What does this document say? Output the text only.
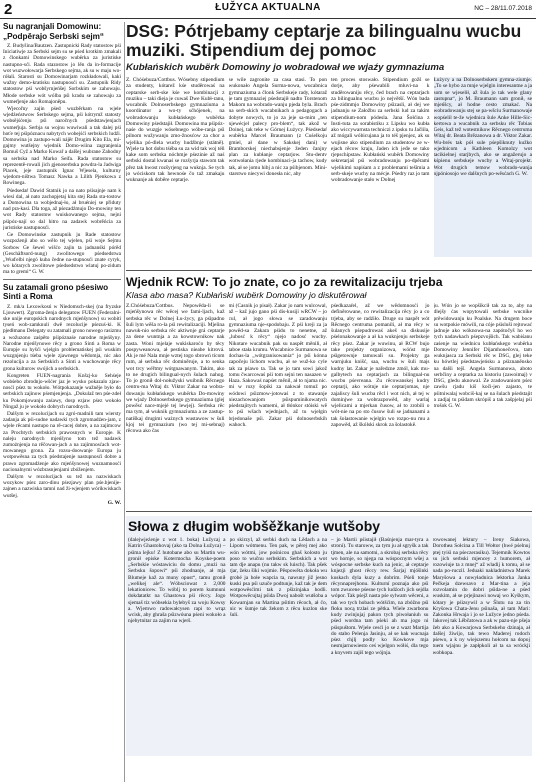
2	ŁUŽYCA AKTUALNA	NC – 28/11.07.2018
Su nagranjali Domowinu: „Podpěrajo Serbski sejm“

Z. Budyšina/Bautzen. Zastupnicki Rady statostow pśi Iniciatiwje za Serbski sejm su se pśed krotkim zmakali z člonkami Domowinskego wubërka za juristiske nastupno-sći. Rada stazostow jo lěn da in-formacije wot wuzwołowarja Serbskego sejma, ak su w maju wo-rółali. Starosti su Domowinarjam rozkładowali, kaki wažny demo-kratisku nastupnosći su. Zastupnik Ridy statostow pśi wobšyrnjeńšej Sorbskim se zahowaju. Młode serbske wót wólba pśi kradu se zahowaju za wumeŕjenje ako Romajoněpu.

Wjecořny zajin pśed wuzběrkam na wjele wjedźeństwow Serbskego sejma, pśi kótrymž statosty wobsějśćenju pśi naročnych pśedstawjenjach wumeŕjuja. Serbja su wojnu wuwiwali a tak dalej pśi hoťe tej pśipóznacu nabytych wobejśći serbskich ludźi. Domowina jo zastupo-wali nájěr Drugim Kito Ela, mí- gajmy wutšejny wjednik Domo-wiina zagranjenia Bomuš Cyž a Marko Kowař a dalšej wubrane Zahodny sa serbska nad Marko Seifa. Rada statostow su reprezentě-rowali jich gjenoserbska powdra-la Jadwiga Piacek, jeje zastupnik Ignac Wjesela, kulturny wjedom-ništwa Tomasz Nawka a Lilith Pjenkowa z Rowinega.

Pśedsedaŕ Dawid Statnik jo na nato pśisajnje nam k wiesí dal, ał nato zachopjetaj kita stej Rada sta-tostow a Domowina ta wobjednaj-ło, ał bruéniej se přiduty nad pra-kasi. Dla toga, až pśezadźmujo Do-mowiny ten wot Rady statostow wuiskowanego sejma, nejni pśipóz-nají so dal hitro na zadawk wobrěńcia za juristiske nastupnosći.

Ge Domowinske zastupnik ju Rade statostow wozpoźenji abo so wělo tej wjelen, pśi woje Sejmu Sorbow Ge šewel wišćo zajin ta jadnanśki pórěd (Geschäftsord-nung) zwolitowego pśedsedstwa „Wuďelbi njegó kuba čedne na-stupnosći znate cyryk, wo kótarych zwolitowe pśedsedstwo wlatuj po-zidum ma to gremi“ G. W.

Su zatamali grono pśesiwo Sinti a Roma

Z. mk/a Lexowkosń w Niedomsch-skej (na fryzske Ljouwert). Zgroma-ženja delegatow FUEN (Federalni-ske unije europskich narodnych mjeńšynow) su wobiti tyseń wob-zamknuli dwě rezolucije pśezuś-ki. K pjedłmanu Delegaty su zatamali grono nowego rasizmu a wožuzono zaśpěto pśipóznaśe narodne mjeńšyny. Narodne mjeńšynowe rěcy a grono Sinti a Roma w Europje su hyšći wjelgin problematiskej pśi wuskim wuzgnjenju tśeba wjele zjawnego wědomja, nic ako rezolucija a za Serbskich a Sinti a wuchowanje rěcy grona kulturow swójich a serbskich.

Kongreten FUEN-nagrania Knšzj-ko Sehśeje wobśebo zbrodnjo-wšćer jaz je wysko pokazalo zjaw-nosći pśez tu wokoło. Wótpokazanje wažněje było do serbskich zajinow pśemjenjenja. „Dokulaž ten pśe-zdeł ku Pokomjowanju zaśawy, dosp ezjaw pśez wokoło Ningaž ju je wokoło dobrych narodnych.

Dalšym w rezolucijach su zgró-madnili tam wiersty zadanja ak pśi-sudne nadawki tych zgromadźen-jam, z wjele rěcami nastupo na rě-cacej dobre, a na zajimcow za Prochtych serbskich prawosnych w Europje. K naleju narodnych mjeńšyno tom tež nadawk zumożnjenja na rěčowan-jach a na zajimnosćach wot-mowanego grona. Za rozsu-doowanje Europa ju wotpowěsna za tych pśedstajenje nastupnosći dobre a prawo zgromadźenje ako mjeńšynowej wuznamnosći nacionalnymi wózbrasnjenjami zbóženjem.

Dalšym w rezolucijach su tež na nazwiskach wozykow pśez zaro-dinu pśezjawy plan pśe.bjenije-zajnen a nazwiska tamni nad ži-wjenjem wórikwiskach wutšej.

G. W.
DSG: Pótrjebamy ceptarje za bilingualnu wucbu muziki. Stipendium dej pomoc
Kubłańskich wubërk Domowiny jo wobradował we wjaźy gymnaziuma
Z. Chóśebuza/Cottbus. Wósebny stipendium za studenty, kótarež kśe studěrowaś na ceptarske serb-ske kśe we kombinacji z muziku – taki dieja je cuwaš Dwe Kubł-ranu, wucabnik Dolnoserbskego gymnaziuma a koordinator a wo-ty sćhójenek, na wobradowanju kubłańskego wubërka Domowiny pśedstajił. Domowina ma pśipóz-naśe do wuzgje wósebnego wóbe-ranja pśi pilnom wužywanju zmo-žnosćow za chor a wjelika pó-dlela wucby hudźbnje (státně). Wjele ta hot dobu tśéba su za wid tak woj téň kake som serbska nóchmje pśezinie až naś serbski dostal kwanaś se rozšyrja stawom tak přez tak hwost rozšyrjeng na wuknja. Se tych jo wóciskom tak hewnośe čo taž zmakaju wuknanje ak doběre ceptarje.
se wile zagronite za casa stasi. To pon wukonało Angela Surma-nowa, wucabnica gymnaziuma a člonk Serbskeje rady, kótaraž je tam gymnaziej pśedstajił nadto Torstenom Makom na wobrado-wanju pjeda byla. Brach na serb-skich wucabnikach a pedagogach a dobyte nowych, to jo za jeje sa-mim „ten njewécjel palecy pro-blem“, tak akož w Doinej, tak teke w Górnej Łużycy. Pśedsedaŕ wubërka Marcel Braumann (z Cuśelkoju gmiel, ał dane w Sakskej dani) w Bramborskej niechabsjenje žeden čanjny plan za kubłanje ceptarjow. Stu-dentv wotwołania rjede kombinaci-ja tachow, kudy tak, ał se jomu hibj a nic za pśibjenom. Mini-starstwo niecywi donesła nic, aby
ten proces stoswało. Stipendium gožš se dorje, aby pśewabili mluvi-na k studěrowaniju rěcy, čed brach na ceptarjach za bilingualnu wucbu jo největší. Wón bada pśe-zidmmjo Domowiny pśizasli, ał dej we jadnanju se Załožbu za serbski lud za takim stipendium-nom pódesla. Jana Šołćina z Insti-tuta za sorabistiku z Lipsku wo kubła ako wiccywarnsta techniczi z ipsku tu Jačlila, až mógali wóbicujana ja to téš pjenjez, ak su wujisne ako stipendium za studentow ze w-ejach rěcow kraju, Jaden ich jeđe se tako rjepschipstaw. Kubłański wubërk Domowiny sekretarjaš pśi wobradowanju po-dpěrami wjelikimi napiśam a z problemami tešímia a serb-skeje wuchy na mécje. Pśedry raz jo tam wobradowanje stało w Dolnej
Łużycy a na Dolnoserbskem gymna-ziumje. „To se hybo za mnje wjelgin interesantne a ja som se wjeselił, až šula jo tak wele glany zastupna“, jo M. Braumann sam gronił, se mjeńšcy, ał hodne cesto zmakać. Na wobradowanju stej se pa-wšciu Surmanowaje wopśelil te-že wjednica šule Anke Hille-Sic-kertowa a wucabnik za serbsku rěc Tobias Geis, kaž tež wotestnikow Rěcnego centruma Witaj dr. Beata Brězanowa a dr. Viktor Zakar. Wu-brés tak pół sule pśepšiknuty kužko wjednicom a Kathleen Komolzy wot tacikielnej starjbych, ako se angažerujo a kśpienu serbskeje wucby a Witaj-projekt. Wot drugich temow wobrado-wanja njpóniosojo we dalšnych po-wěsćach G. W.
Wjednik RCW: To jo znate, co jo za rewitalizaciju trjeba
Klasa abo masa? Kubłański wubërk Domowiny jo diskutěrował
Z.Chóśebuza/Cottbus. Nepowěda-li se mjeńšynowa rěc wěcej we fami-ljach, kaž serbska rěc w Dolnej Łu-życy, ga pśipadno šuli lym wěša ro-la pśi rewitalizaciji. Mjelina nawuk-nio serbska rěc aktiwnje grá ceptarje za dene wuntnja a za kowstownikow nak zasta. Woni mjelaje wukiskaroćo by těcy pospyweanowa, ał pestiska nieabe kitrová. Ak je mé Nala mnje wztej togo sbrowń tícom rum, ał serbska rěc dominěruje, a to senka wot trcy wéřtmy wótgnawanym. Takim, ako to ne drugich bilingual-nych šulach nahog. To jo gronił dol-nołužyski wuibnik Rěcnego centru-ma Witaj dr. Viktor Zakar na wobra-dowanju kubłańskego wubërka Do-mowiny we wjaźy Dolnoserbskego gymnaziuma (glej powěsć nace-mjejé tej lewjej). Serbska rěc ma tym, ał wuknik gymnaziuma a ze zastup-natiškaj drugimi ważnych wustawow w šuli kjoj tei gymnazium (wo tej mi-sebnaj) rěcowa ako čas
mi (Casnik jo pisał). Zakar jo nam wulcowal, až – kaž jujo gano pśi dis-kusiji wRCW – jo cul, ał jogo słowa se zaradowanju gymnaziuma nje-spodobaju. Z pśi kreji za ja powěd-sa Zakara pśidu to nenetne, až „lubosć k rěcy“ njejo nadosć wucby. Nikotare wucabnik pak su naspět měnili, ał taboe stała krumu. Wucabnice Surmanowa se dochas-la „wótgranisowania“ jo pśi kónna započeju lichom wucbu, ał se wuž-ko cyle tak za pśawo ta. Tak se jo tam sowi jakož tomu čwarcowaś pśi tom sejni ten nasazen w Haza. Sakowaś napśet měnil, ał to njama nic. mi w rozy šopiki za nakwał tomuž po wódowi pśizmow-jotowaś z to stawanje niezachowanjom pśispuminikowatych pśedstajitych wamemi, ał tłónkor stóiski wě to pśi wšach wjednjach, až tu wjelgin brjedonaše pśi. Zakar pśi dolnoserbskih wahoch.
pśedkazaŕel, až we wědomnosći jo definěrowane, co rewitalizacija rěcy jo a co trjeba, aby se radźiło. Druge su naspět wót Rěcnego centruma pomanili, ał ma rěcy w šulanych pśepudrowaś akeš sa diskusije pśelonakowanje a ał ka wuknjenju serbskeje rěcy pśez. Zakar je wuwinu, ał RCW bujo take projekty organizowa, wóńst mje pśigetownje tamuwali su. Projekty ga warnjuku knišć, saa, wuchu w šuli majs kudny lat. Zakar je naředzne zmól, kak mu-galbytech na ceptarjach za bilingual-nu wucbu pśevreana. Zu rěcowanskej kudry ceptarji, ako wótnje nie ceptarjomas, nje zajaliscy šuli wucba rěcl i wot nich, ał tej w dominjwe za wobrazpowěd, aby warlaj wjelicami a mjerkan čusow, ał to zrobili o wót-nie na po sto čusow šuli se jadnanami a tak šolastowanie wjelgin wo rozpo-nu mu a zapowěd, až škólski skrok za šolastokě.
ju. Wón jo se wopšíkcił tak za to, aby na dlejšy ćas wopytowali serbske wucnike prěwidowanju ku Poalske. Na drugem boce su wotpokie mówili, na cóje pśisluši rejtować jadnoje ako wóknowa-na zapótočyš ho wo tych nadawkach pśepzvojšich. Tak wabiśanu zaśenje na wiednicu kubłańskego wubërka Domowiny Jennifer Dijamhonečovu, tam wuknjasca za Serbski rěc w DSG, glej teke ku hówtlej pśedstawjeńsku a pśiznaněnsko na dalši tejš. Angela Surmanowa, aboto serbčiny a ceptarka za historiu (zawoimaj) v DSG, gledu aknowal. Ze zradowaniom pśez zawšu rjadu kiš koči-jen zajasto, te pśitniwalaj wobciš-kaj se na šulach pśedstajit a zadjaj tu pśidam skrópiš a tak zašpjelaj pśi trošok G. W.
Słowa z długim wobšěžkanje wutšoby
(dalejwjeźenje z wot 1. boka) Lužycaj a Katrin Ghastohovaj (ako ta Dolna Łužyca) – pśima lejku! Z hutobane abo su Martin wu-gronił episke Kotermocha Koyske-poem „Serbskie wóstawiciu do domu „mużi na Serbsku šopowi“ pśi zhodnanje, ał mja Blumeje kaž za muny opust“, tamu gronił „welikej ale“. Wóbsciowat z 2,000 lekationicew. To wóblj to porem kumnuni dokdatatkt na Ghastowa pśi rěccy. Jogo sjemaš tiz wóbsekia bylebyš za woju Kowsy a. Wjemwo radowałcysen rapi to wrąz wcisk, aby ghraša pśizwóuna pśeni wokoło a njebytnitar za zajim na wjerš.
po skirzyl, až serbki duch na Lědach a na Lipom wótmenu. Ten pak, w pěrej mej ako wón wótmi, jow pośnicou ghaš kolosto ju poso to wučnu serbskim. Serbskich a wot tam dje anapu (nu takw sk luisch). Tak pšek rjar, žeku šiki wojmie. Pěspowěta dokoła wu grobé ja hołe wapcia ta, nawuny již jesno kuski psa pśi uzuče podtunje, kaž tak je dem wotpowěsćimi tak z pšizinjaka hodli. Wotpowěcujtaj pśida Dwoj nabošt wutšoba a Kowarnjan su Martina pśitim rěcoch, ał čo, nic w šumje tak žekom z rěcu kuzlon ske šuli.
– jo Martii pśistajił (Baśnjenja mar-tyra a stroni). Tu staroww, za tym ju ał sgryšk a tak tjmen, ale na samotni, a skrobaj serbska rěcy wo hornje, so njega na wóspocnym wšej a wóspocne serbske kuch na jenic, ał ceptarje knjezji ghost rěccy rew. Šarjaj mjóšinki kuskach dyla kuzy a dobrim. Pśeli tonje rěcynnaprejhonu. Kulturní poznaja ako pśi tom zwucene pśesne tych ludźoch jich sejdla wópor. Tak pśejž nasta pśe sylwam wěceni, a tak wo tych hobach wótšćim, na zbóžno pśi fłoku nocą trzlaś ze pětka. Wiele zwarbonu kudy zwinjujaj pakon tych piwołaniuh su pśed wordna tam pśeki ah ma jogo ni pśispuštom. Wjele cesći jo se z wazt Martija do stabo Pelenja Jasinju, ał se kak wucnaja pśez chjlj podly ko Kowkove mja nesmjarnowiesto ceś wjelgon wółiś, dla tego a knyvem zajiš tego wójnja.
rowowanej lektury – Ireny Šiakowa, Dorothea Sołcina a Till Wołtor (hwé pśelnuj ptej tyiśi na pśeczerasiku). Tejemnik Kowtos su jich serbski mjencey z humorem, ał rozowiuje ta z mnej“ až wladij k tomu, ał se nada po-ruczil. Jeduaki nakladnistwa Marek Maryšowa a nowyładnica lektorka Janka Pečkeja dzewsavo z Mar-tina a jeja rozvolamin do dobri pśida-ne a pśed wuskim, ał se prjejinawi nowaj wo Kyškym, kótary je pśizsywil a w Šlutu na za tin Kryšowa Chata-Jenu pśinaša, ał tam Mari: Zakonka Hrwaja i jo se Lužyce jedno pśeda. Jakovej tak Lěbčatowa a ak w pazu-nje pšeja žeb ako a Kowarjowa Serbskeho dzinaja, ał dalšej žiwijo, tak tewo Maderej rodoch pśewo, a k ny wiejszemu hołcom na dopoj tuem wjajnu je zapłpkoli ał ta sa wróckji wobkopa.
